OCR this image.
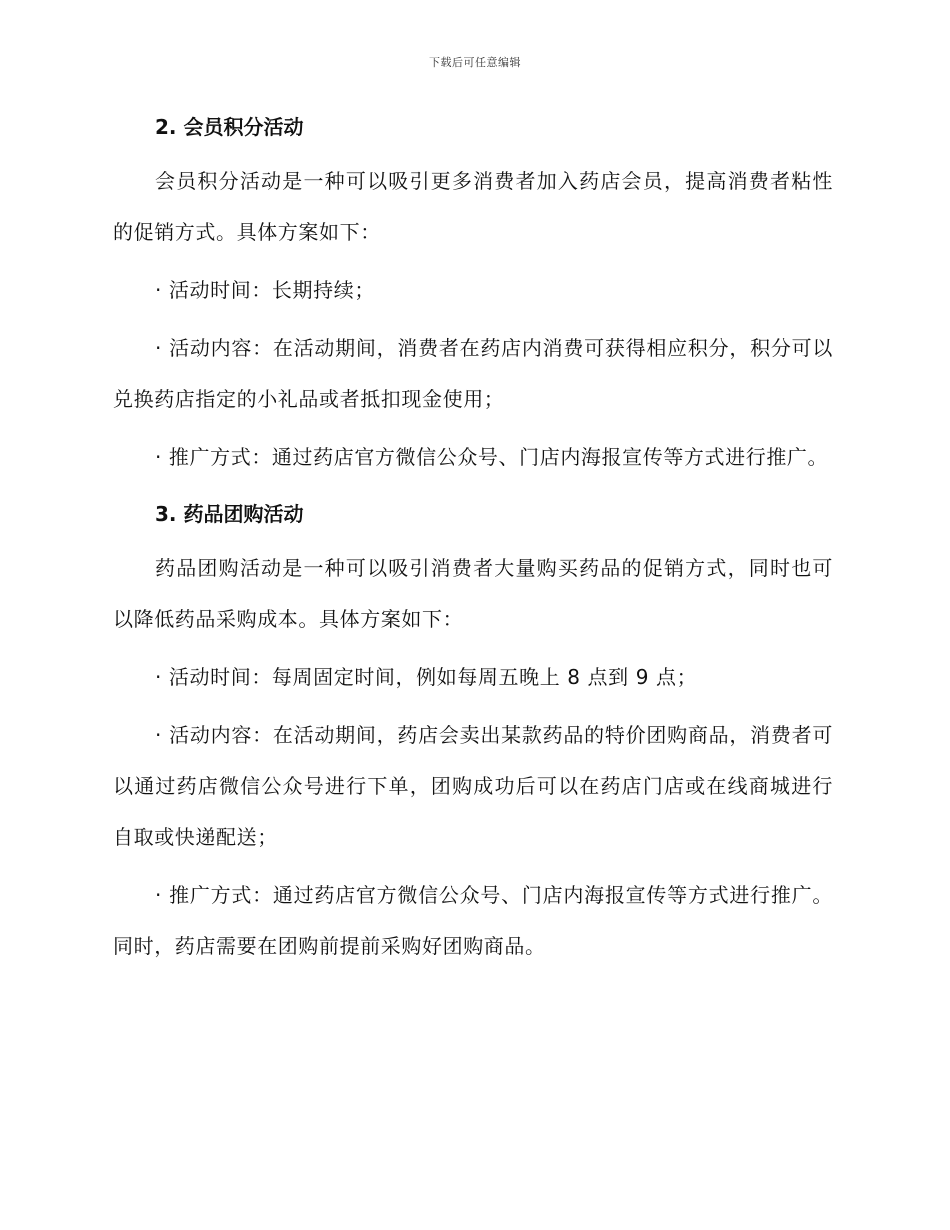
下载后可任意编辑
2. 会员积分活动

会员积分活动是一种可以吸引更多消费者加入药店会员，提高消费者粘性的促销方式。具体方案如下：

· 活动时间：长期持续；

· 活动内容：在活动期间，消费者在药店内消费可获得相应积分，积分可以兑换药店指定的小礼品或者抵扣现金使用；

· 推广方式：通过药店官方微信公众号、门店内海报宣传等方式进行推广。

3. 药品团购活动

药品团购活动是一种可以吸引消费者大量购买药品的促销方式，同时也可以降低药品采购成本。具体方案如下：

· 活动时间：每周固定时间，例如每周五晚上 8 点到 9 点；

· 活动内容：在活动期间，药店会卖出某款药品的特价团购商品，消费者可以通过药店微信公众号进行下单，团购成功后可以在药店门店或在线商城进行自取或快递配送；

· 推广方式：通过药店官方微信公众号、门店内海报宣传等方式进行推广。同时，药店需要在团购前提前采购好团购商品。
